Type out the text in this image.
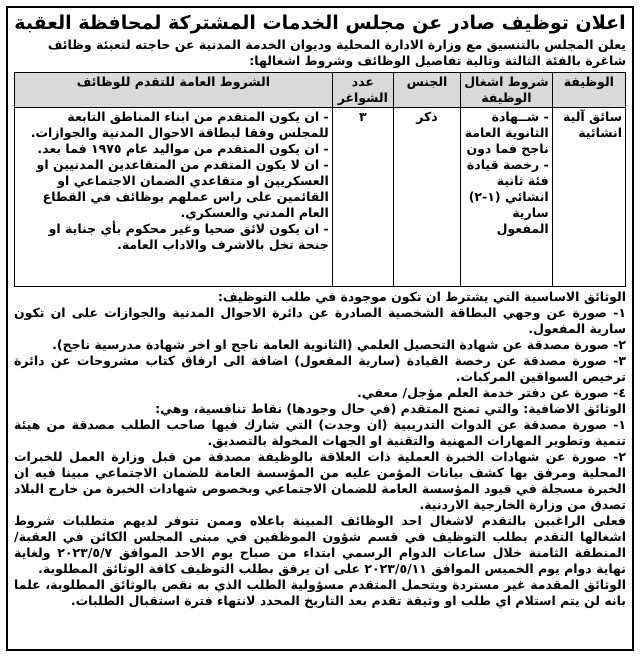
اعلان توظيف صادر عن مجلس الخدمات المشتركة لمحافظة العقبة

يعلن المجلس بالتنسيق مع وزارة الادارة المحلية وديوان الخدمة المدنية عن حاجته لتعبئة وظائف شاغرة بالفئة الثالثة وتالية تفاصيل الوظائف وشروط اشغالها:

الوظيفة	شروط اشغال الوظيفة	الجنس	عدد الشواغر	الشروط العامة للتقدم للوظائف
سائق آلية انشائية	- شــهادة الثانوية العامة ناجح فما دون - رخصة قيادة فئة ثانية انشائي (١-٢) سارية المفعول	ذكر	٣	- ان يكون المتقدم من ابناء المناطق التابعة للمجلس وفقا لبطاقة الاحوال المدنية والجوازات.
- ان يكون المتقدم من مواليد عام ١٩٧٥ فما بعد.
- ان لا يكون المتقدم من المتقاعدين المدنيين او العسكريين او متقاعدي الضمان الاجتماعي او القائمين على راس عملهم بوظائف في القطاع العام المدني والعسكري.
- ان يكون لائق صحيا وغير محكوم بأي جناية او جنحة تخل بالاشرف والاداب العامة.

الوثائق الاساسية التي يشترط ان تكون موجودة في طلب التوظيف:

١- صورة عن وجهي البطاقة الشخصية الصادرة عن دائرة الاحوال المدنية والجوازات على ان تكون سارية المفعول.

٢- صورة مصدقة عن شهادة التحصيل العلمي (الثانوية العامة ناجح او اخر شهادة مدرسية ناجح).

٣- صورة مصدقة عن رخصة القيادة (سارية المفعول) اضافة الى ارفاق كتاب مشروحات عن دائرة ترخيص السواقين المركبات.

٤- صورة عن دفتر خدمة العلم مؤجل/ معفي.

الوثائق الاضافية: والتي تمنح المتقدم (في حال وجودها) نقاط تنافسية، وهي:

١- صورة مصدقة عن الدوات التدريبية (ان وجدت) التي شارك فيها صاحب الطلب مصدقة من هيئة تنمية وتطوير المهارات المهنية والتقنية او الجهات المخولة بالتصديق.

٢- صورة عن شهادات الخبرة العملية ذات العلاقة بالوظيفة مصدقة من قبل وزارة العمل للخبرات المحلية ومرفق بها كشف بيانات المؤمن عليه من المؤسسة العامة للضمان الاجتماعي مبينا فيه ان الخبرة مسجلة في قيود المؤسسة العامة للضمان الاجتماعي وبخصوص شهادات الخبرة من خارج البلاد تصدق من وزارة الخارجية الاردنية.

فعلى الراغبين بالتقدم لاشغال احد الوظائف المبينة باعلاه وممن تتوفر لديهم متطلبات شروط اشغالها التقدم بطلب التوظيف في قسم شؤون الموظفين في مبنى المجلس الكائن في العقبة/المنطقة الثامنة خلال ساعات الدوام الرسمي ابتداء من صباح يوم الاحد الموافق ٢٠٢٣/٥/٧ ولغاية نهاية دوام يوم الخميس الموافق ٢٠٢٣/٥/١١ على ان يرفق بطلب التوظيف كافة الوثائق المطلوبة.

الوثائق المقدمة غير مستردة ويتحمل المتقدم مسؤولية الطلب الذي به نقص بالوثائق المطلوبة، علما بانه لن يتم استلام اي طلب او وثيقة تقدم بعد التاريخ المحدد لانتهاء فترة استقبال الطلبات.
